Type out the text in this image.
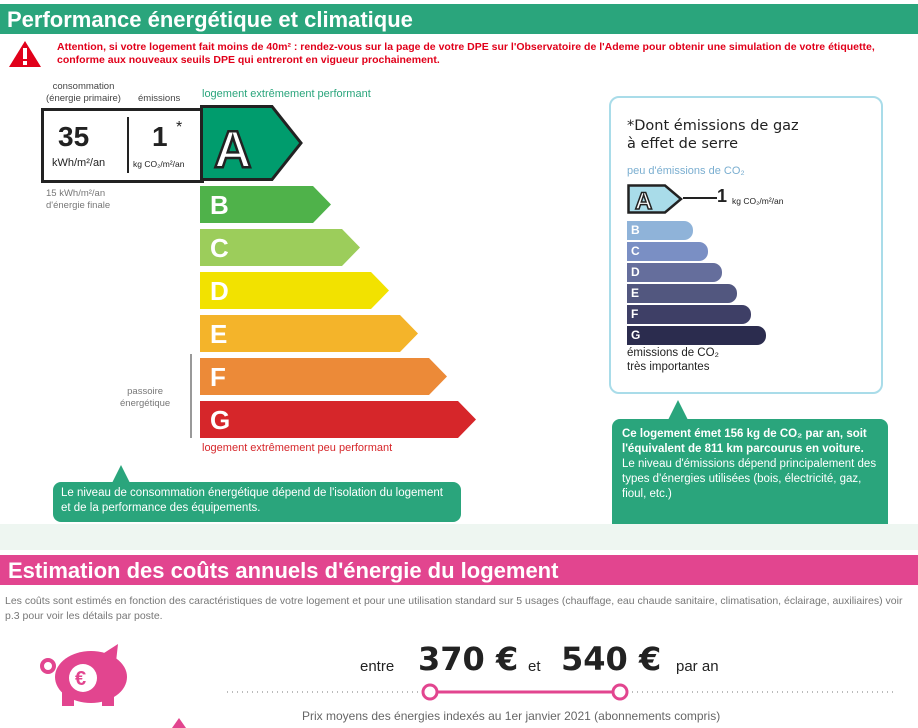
Performance énergétique et climatique
Attention, si votre logement fait moins de 40m² : rendez-vous sur la page de votre DPE sur l'Observatoire de l'Ademe pour obtenir une simulation de votre étiquette, conforme aux nouveaux seuils DPE qui entreront en vigueur prochainement.
consommation
(énergie primaire) émissions logement extrêmement performant
35
kWh/m²/an
1 *
kg CO₂/m²/an A
15 kWh/m²/an
d'énergie finale	B
C
D
E
F
G
passoire
énergétique
logement extrêmement peu performant
Le niveau de consommation énergétique dépend de l'isolation du logement et de la performance des équipements.
*Dont émissions de gaz
à effet de serre
peu d'émissions de CO₂
A	1 kg CO₂/m²/an
B
C
D
E
F
G
émissions de CO₂
très importantes
Ce logement émet 156 kg de CO₂ par an, soit l'équivalent de 811 km parcourus en voiture.
Le niveau d'émissions dépend principalement des types d'énergies utilisées (bois, électricité, gaz, fioul, etc.)
Estimation des coûts annuels d'énergie du logement
Les coûts sont estimés en fonction des caractéristiques de votre logement et pour une utilisation standard sur 5 usages (chauffage, eau chaude sanitaire, climatisation, éclairage, auxiliaires) voir p.3 pour voir les détails par poste.
€
entre 370 € et 540 € par an
Prix moyens des énergies indexés au 1er janvier 2021 (abonnements compris)
